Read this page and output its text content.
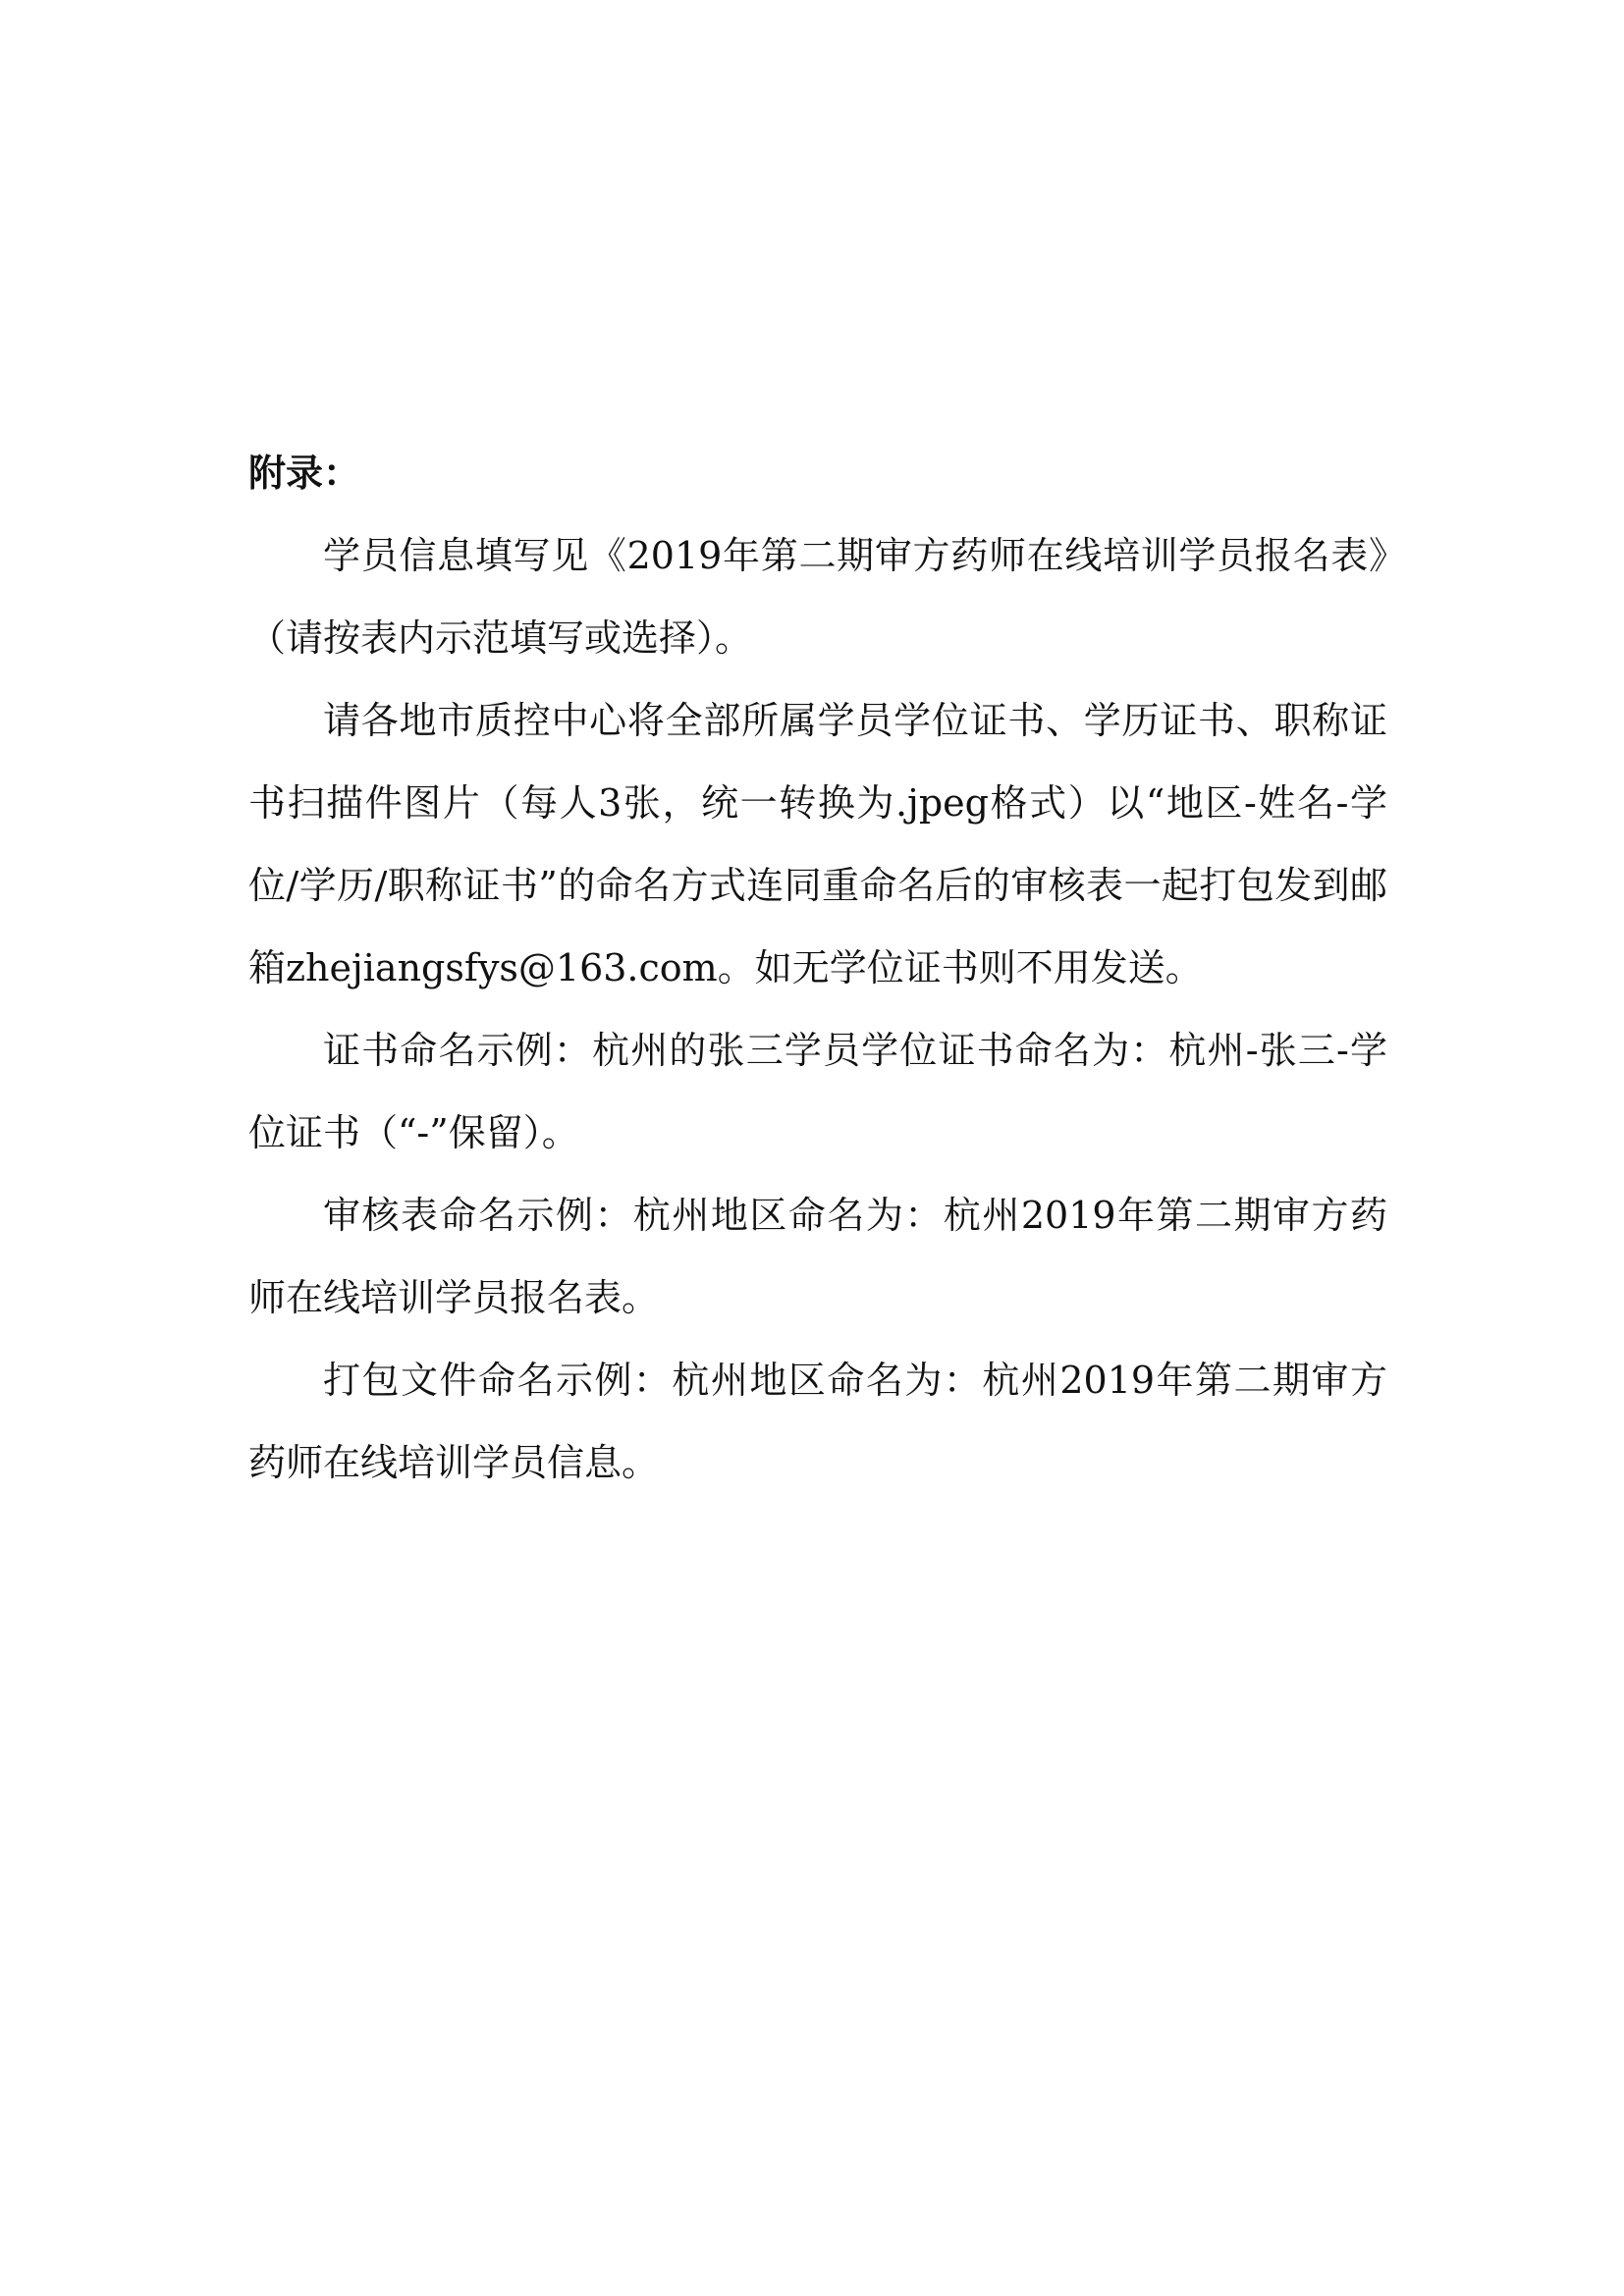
附录：

学员信息填写见《2019年第二期审方药师在线培训学员报名表》（请按表内示范填写或选择）。

请各地市质控中心将全部所属学员学位证书、学历证书、职称证书扫描件图片（每人3张，统一转换为.jpeg格式）以“地区-姓名-学位/学历/职称证书”的命名方式连同重命名后的审核表一起打包发到邮箱zhejiangsfys@163.com。如无学位证书则不用发送。

证书命名示例：杭州的张三学员学位证书命名为：杭州-张三-学位证书（“-”保留）。

审核表命名示例：杭州地区命名为：杭州2019年第二期审方药师在线培训学员报名表。

打包文件命名示例：杭州地区命名为：杭州2019年第二期审方药师在线培训学员信息。
